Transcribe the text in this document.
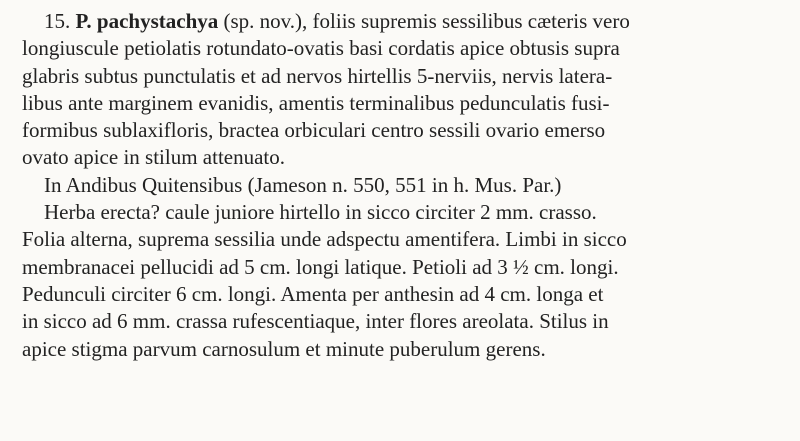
15. P. pachystachya (sp. nov.), foliis supremis sessilibus cæteris vero
longiuscule petiolatis rotundato-ovatis basi cordatis apice obtusis supra
glabris subtus punctulatis et ad nervos hirtellis 5-nerviis, nervis latera-
libus ante marginem evanidis, amentis terminalibus pedunculatis fusi-
formibus sublaxifloris, bractea orbiculari centro sessili ovario emerso
ovato apice in stilum attenuato.

In Andibus Quitensibus (Jameson n. 550, 551 in h. Mus. Par.)

Herba erecta? caule juniore hirtello in sicco circiter 2 mm. crasso.
Folia alterna, suprema sessilia unde adspectu amentifera. Limbi in sicco
membranacei pellucidi ad 5 cm. longi latique. Petioli ad 3 ½ cm. longi.
Pedunculi circiter 6 cm. longi. Amenta per anthesin ad 4 cm. longa et
in sicco ad 6 mm. crassa rufescentiaque, inter flores areolata. Stilus in
apice stigma parvum carnosulum et minute puberulum gerens.
